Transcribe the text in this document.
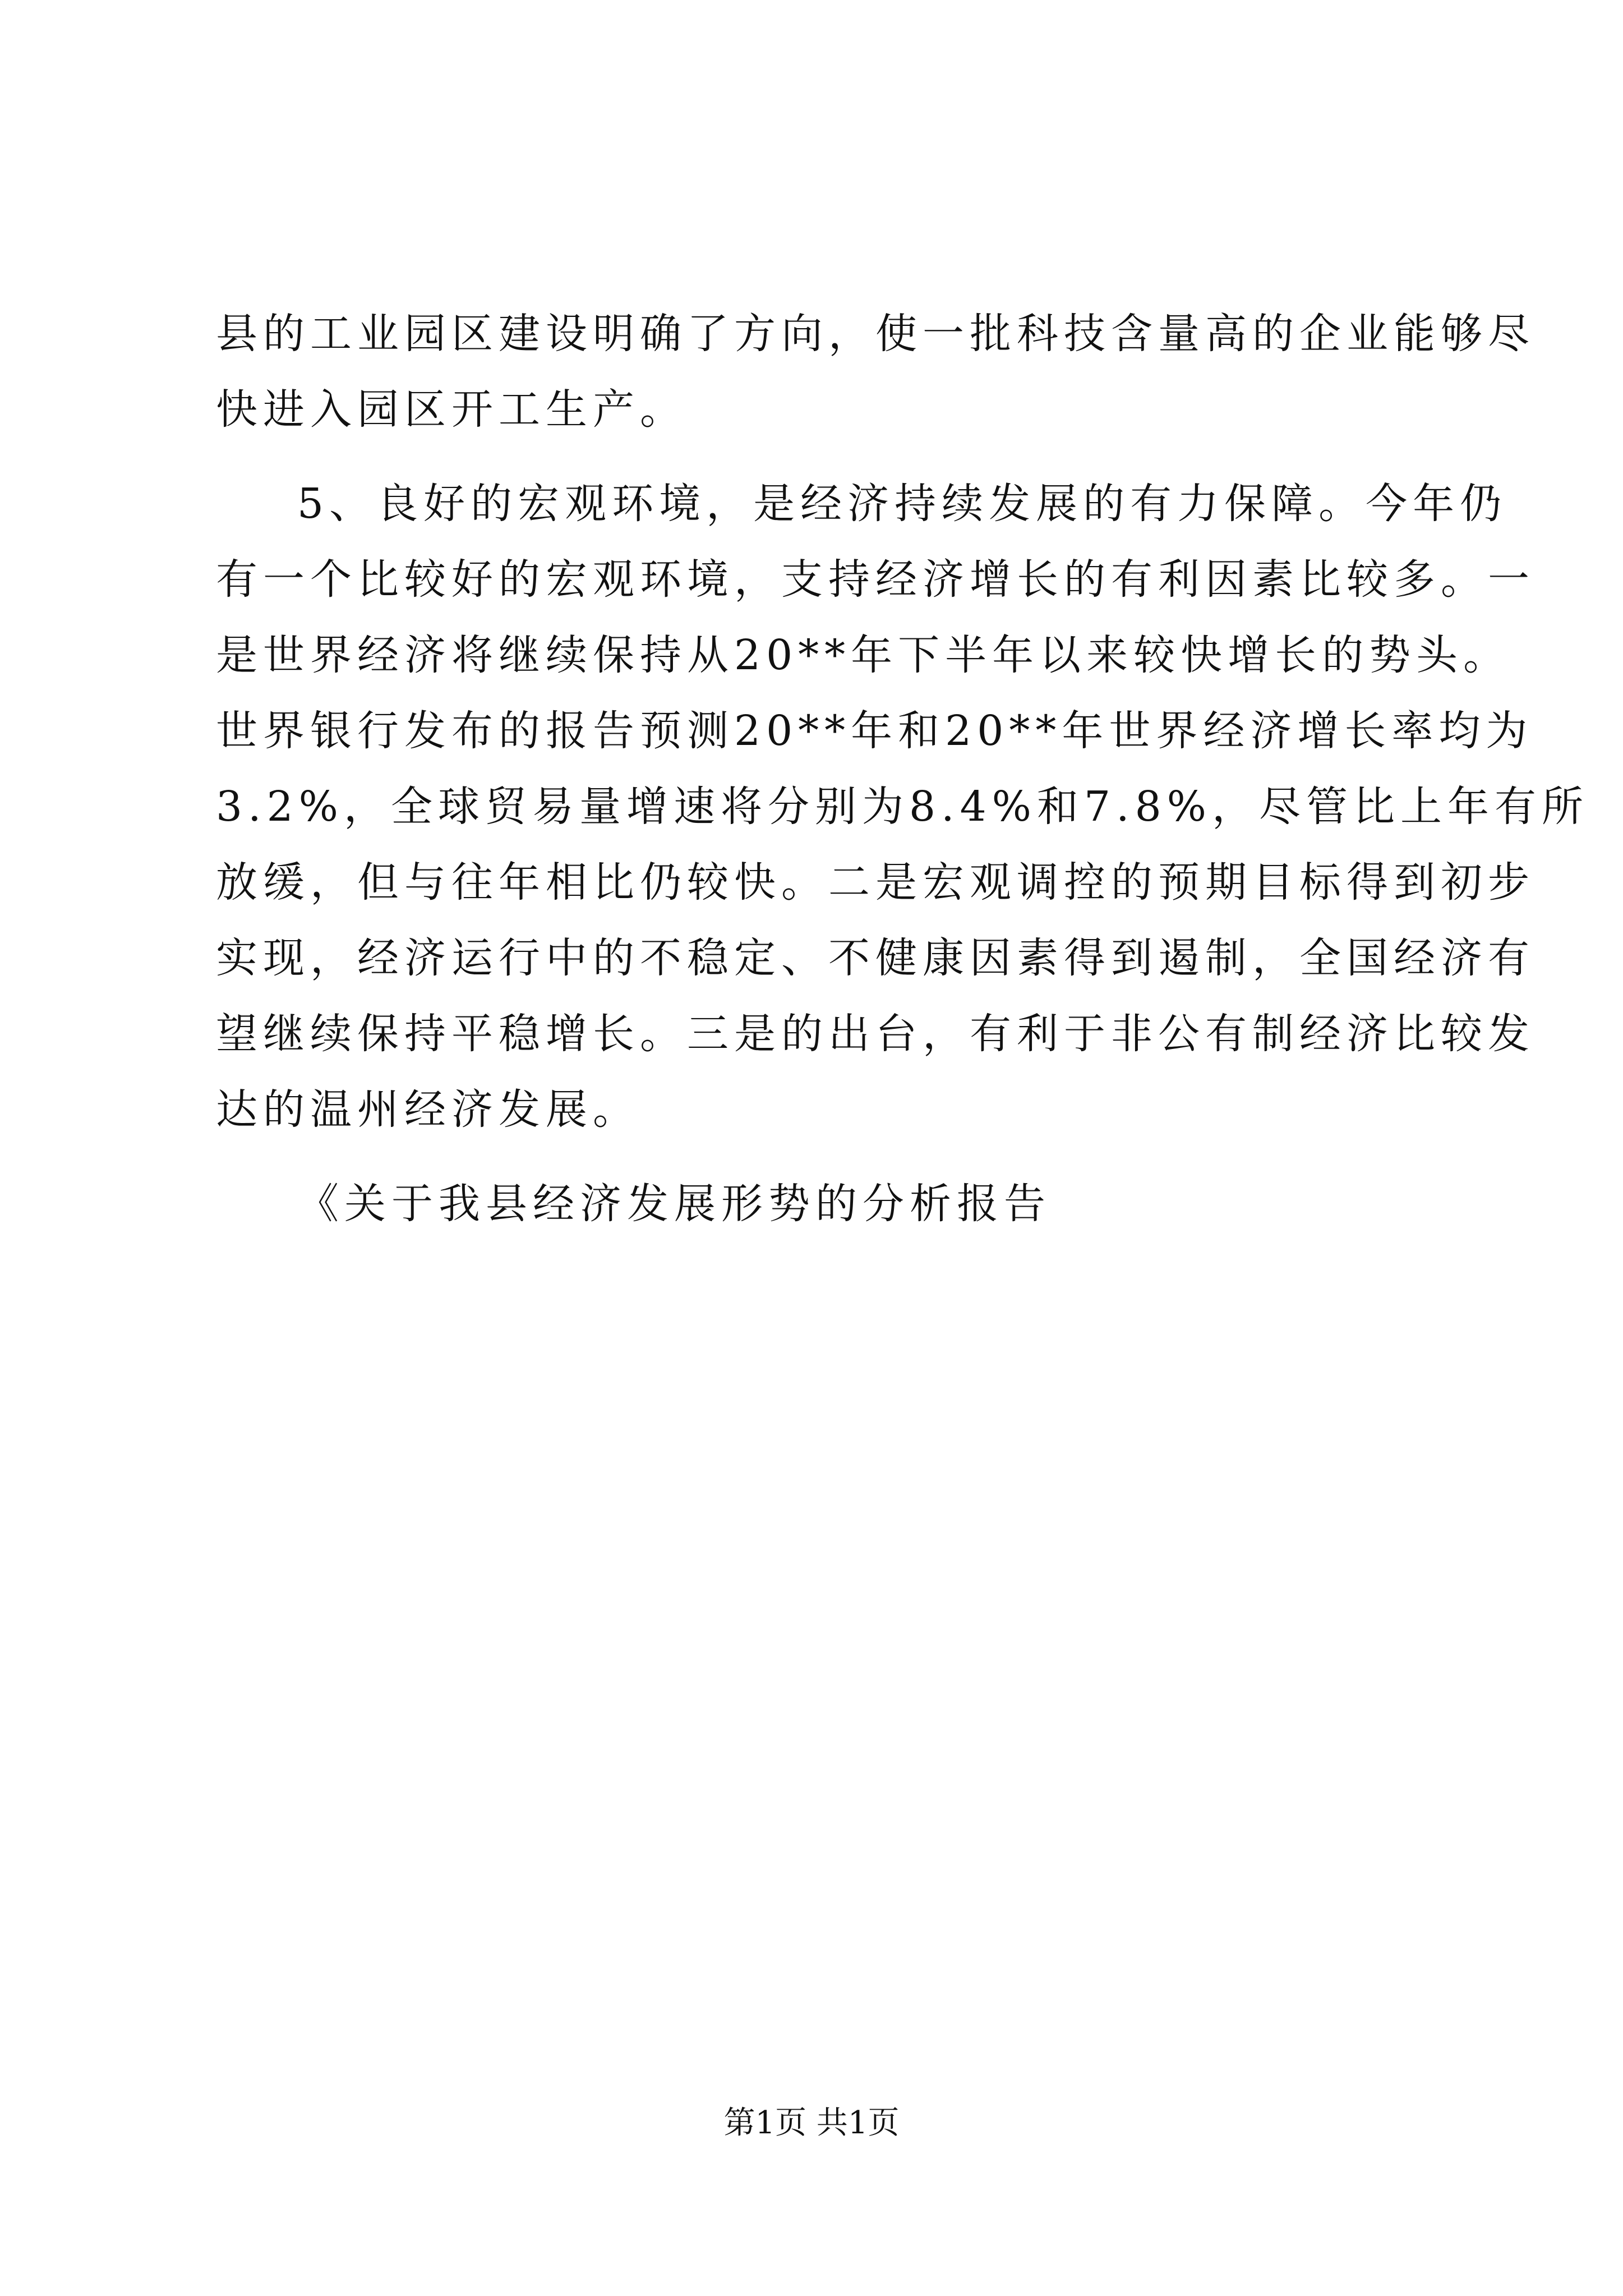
县的工业园区建设明确了方向，使一批科技含量高的企业能够尽
快进入园区开工生产。
5、良好的宏观环境，是经济持续发展的有力保障。今年仍
有一个比较好的宏观环境，支持经济增长的有利因素比较多。一
是世界经济将继续保持从20**年下半年以来较快增长的势头。
世界银行发布的报告预测20**年和20**年世界经济增长率均为
3.2%，全球贸易量增速将分别为8.4%和7.8%，尽管比上年有所
放缓，但与往年相比仍较快。二是宏观调控的预期目标得到初步
实现，经济运行中的不稳定、不健康因素得到遏制，全国经济有
望继续保持平稳增长。三是的出台，有利于非公有制经济比较发
达的温州经济发展。
《关于我县经济发展形势的分析报告
第1页 共1页
